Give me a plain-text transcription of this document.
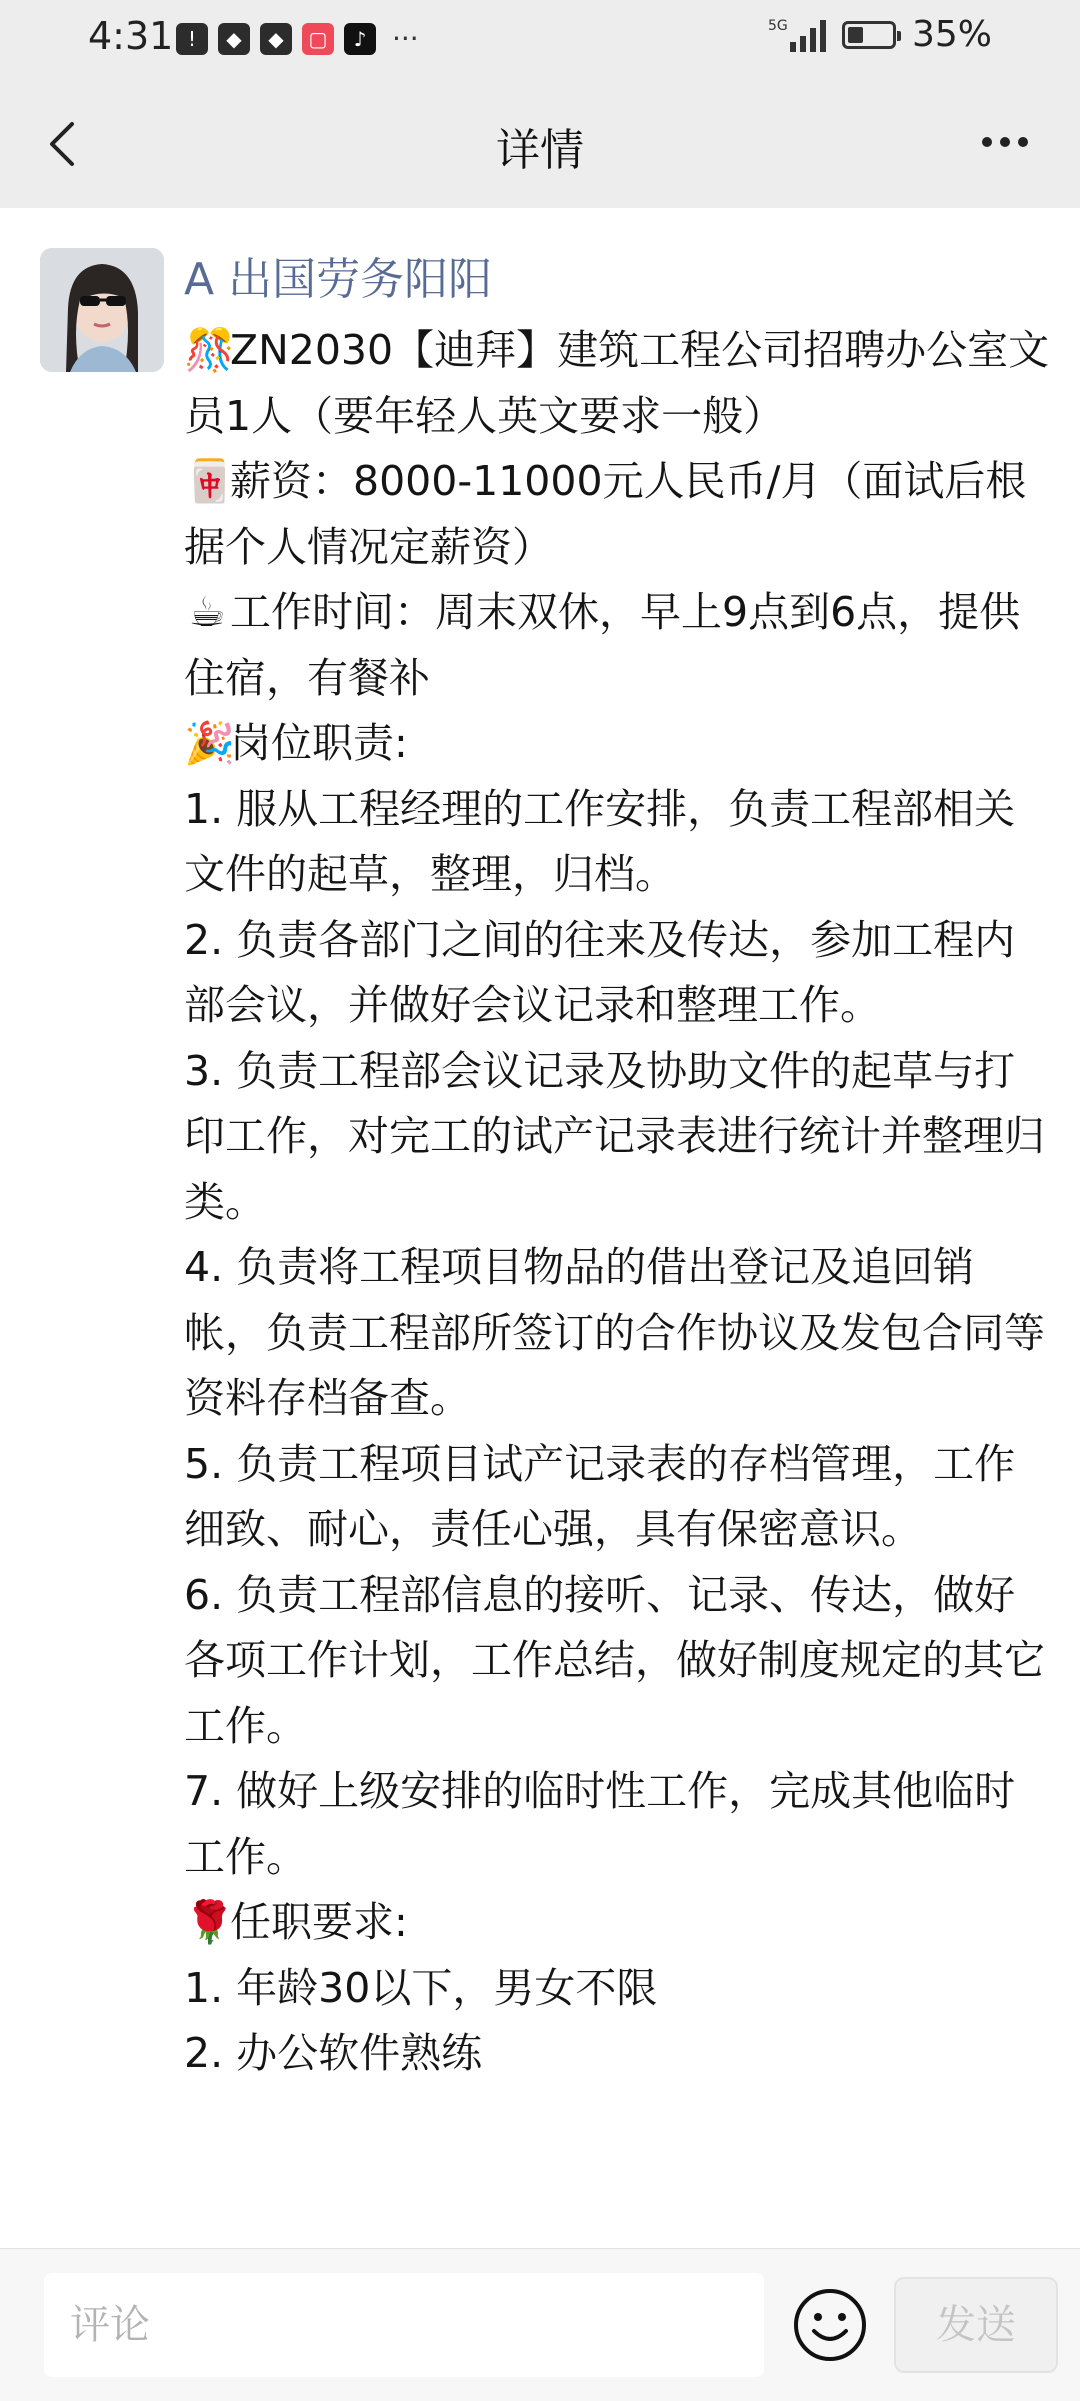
4:31 !	◆	◆	▢	♪ ···	5G	35%
详情
A 出国劳务阳阳

🎊ZN2030【迪拜】建筑工程公司招聘办公室文员1人（要年轻人英文要求一般）

🀄薪资：8000-11000元人民币/月（面试后根据个人情况定薪资）

☕ 工作时间：周末双休，早上9点到6点，提供住宿，有餐补

🎉岗位职责:

1. 服从工程经理的工作安排，负责工程部相关文件的起草，整理，归档。

2. 负责各部门之间的往来及传达，参加工程内部会议，并做好会议记录和整理工作。

3. 负责工程部会议记录及协助文件的起草与打印工作，对完工的试产记录表进行统计并整理归类。

4. 负责将工程项目物品的借出登记及追回销帐，负责工程部所签订的合作协议及发包合同等资料存档备查。

5. 负责工程项目试产记录表的存档管理，工作细致、耐心，责任心强，具有保密意识。

6. 负责工程部信息的接听、记录、传达，做好各项工作计划，工作总结，做好制度规定的其它工作。

7. 做好上级安排的临时性工作，完成其他临时工作。

🌹任职要求:

1. 年龄30以下，男女不限

2. 办公软件熟练

评论	发送
